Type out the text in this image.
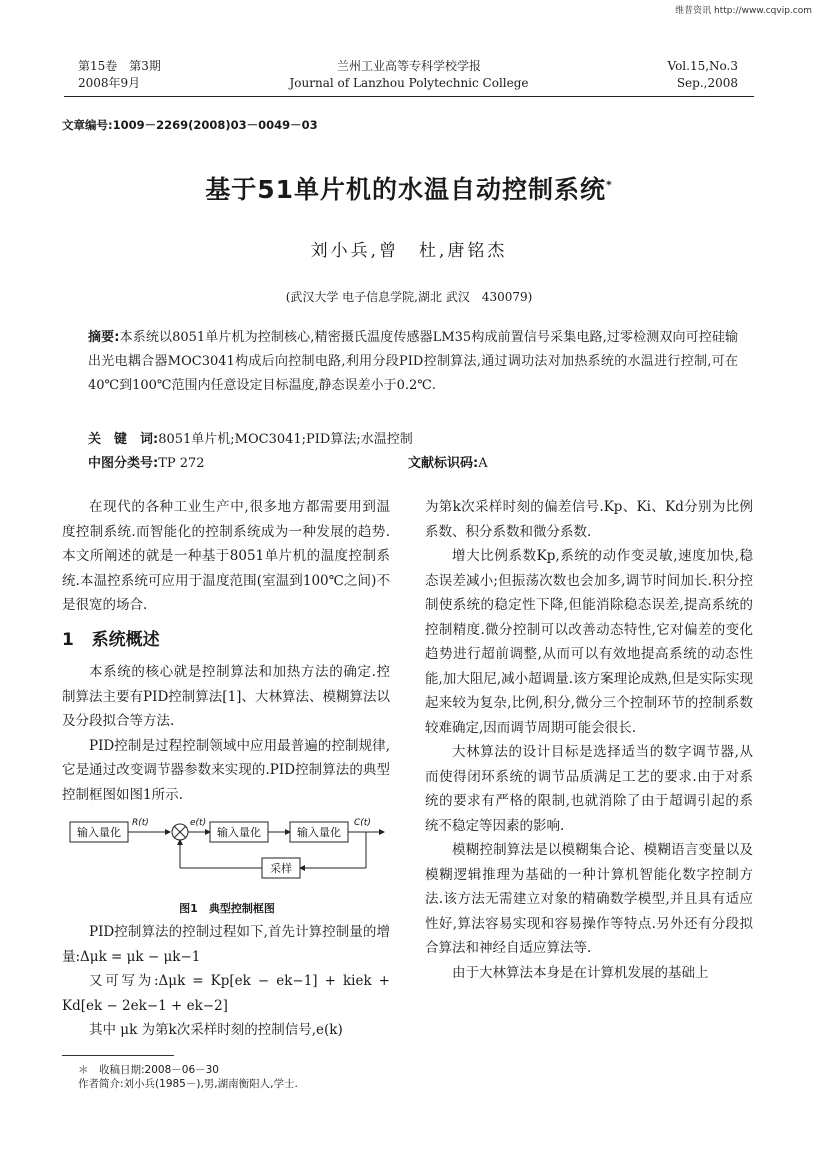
维普资讯 http://www.cqvip.com
第15卷　第3期
2008年9月
兰州工业高等专科学校学报
Journal of Lanzhou Polytechnic College
Vol.15,No.3
Sep.,2008
文章编号:1009－2269(2008)03－0049－03
基于51单片机的水温自动控制系统*
刘小兵,曾　杜,唐铭杰
(武汉大学 电子信息学院,湖北 武汉　430079)
摘要:本系统以8051单片机为控制核心,精密摄氏温度传感器LM35构成前置信号采集电路,过零检测双向可控硅输出光电耦合器MOC3041构成后向控制电路,利用分段PID控制算法,通过调功法对加热系统的水温进行控制,可在40℃到100℃范围内任意设定目标温度,静态误差小于0.2℃.
关　键　词:8051单片机;MOC3041;PID算法;水温控制
中图分类号:TP 272	文献标识码:A

在现代的各种工业生产中,很多地方都需要用到温度控制系统.而智能化的控制系统成为一种发展的趋势.本文所阐述的就是一种基于8051单片机的温度控制系统.本温控系统可应用于温度范围(室温到100℃之间)不是很宽的场合.

1 系统概述

本系统的核心就是控制算法和加热方法的确定.控制算法主要有PID控制算法[1]、大林算法、模糊算法以及分段拟合等方法.

PID控制是过程控制领域中应用最普遍的控制规律,它是通过改变调节器参数来实现的.PID控制算法的典型控制框图如图1所示.

输入量化
R(t)	e(t)
输入量化	输入量化
C(t)
采样
图1　典型控制框图

PID控制算法的控制过程如下,首先计算控制量的增量:Δμk = μk − μk−1

又可写为:Δμk = Kp[ek − ek−1] + kiek + Kd[ek − 2ek−1 + ek−2]

其中 μk 为第k次采样时刻的控制信号,e(k)

为第k次采样时刻的偏差信号.Kp、Ki、Kd分别为比例系数、积分系数和微分系数.

增大比例系数Kp,系统的动作变灵敏,速度加快,稳态误差减小;但振荡次数也会加多,调节时间加长.积分控制使系统的稳定性下降,但能消除稳态误差,提高系统的控制精度.微分控制可以改善动态特性,它对偏差的变化趋势进行超前调整,从而可以有效地提高系统的动态性能,加大阻尼,减小超调量.该方案理论成熟,但是实际实现起来较为复杂,比例,积分,微分三个控制环节的控制系数较难确定,因而调节周期可能会很长.

大林算法的设计目标是选择适当的数字调节器,从而使得闭环系统的调节品质满足工艺的要求.由于对系统的要求有严格的限制,也就消除了由于超调引起的系统不稳定等因素的影响.

模糊控制算法是以模糊集合论、模糊语言变量以及模糊逻辑推理为基础的一种计算机智能化数字控制方法.该方法无需建立对象的精确数学模型,并且具有适应性好,算法容易实现和容易操作等特点.另外还有分段拟合算法和神经自适应算法等.

由于大林算法本身是在计算机发展的基础上

＊　收稿日期:2008－06－30
作者简介:刘小兵(1985－),男,湖南衡阳人,学士.
